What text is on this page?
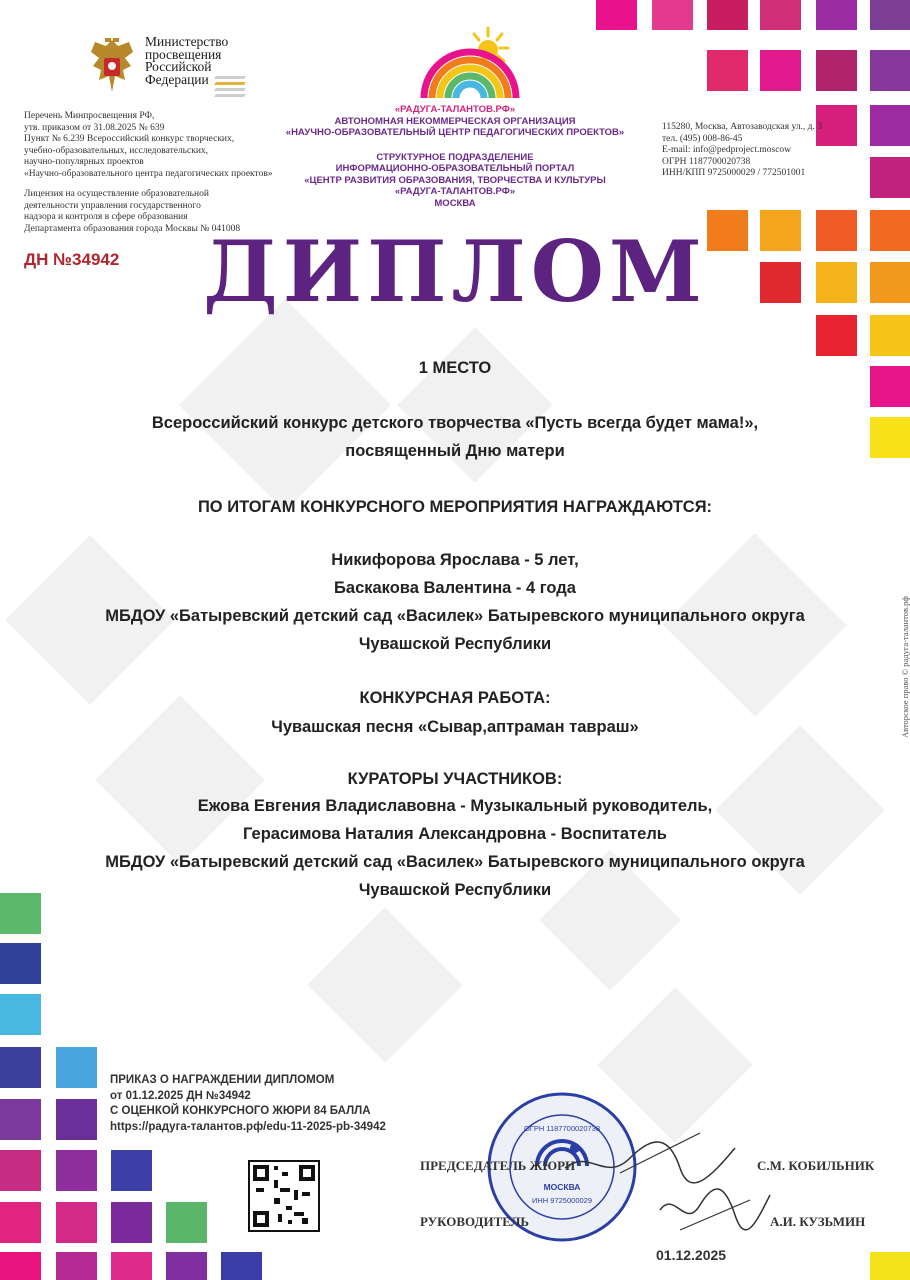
Министерство
просвещения
Российской
Федерации
Перечень Минпросвещения РФ,
утв. приказом от 31.08.2025 № 639
Пункт № 6.239 Всероссийский конкурс творческих,
учебно-образовательных, исследовательских,
научно-популярных проектов
«Научно-образовательного центра педагогических проектов»
Лицензия на осуществление образовательной
деятельности управления государственного
надзора и контроля в сфере образования
Департамента образования города Москвы № 041008
ДН №34942
«РАДУГА-ТАЛАНТОВ.РФ»
АВТОНОМНАЯ НЕКОММЕРЧЕСКАЯ ОРГАНИЗАЦИЯ
«НАУЧНО-ОБРАЗОВАТЕЛЬНЫЙ ЦЕНТР ПЕДАГОГИЧЕСКИХ ПРОЕКТОВ»
СТРУКТУРНОЕ ПОДРАЗДЕЛЕНИЕ
ИНФОРМАЦИОННО-ОБРАЗОВАТЕЛЬНЫЙ ПОРТАЛ
«ЦЕНТР РАЗВИТИЯ ОБРАЗОВАНИЯ, ТВОРЧЕСТВА И КУЛЬТУРЫ
«РАДУГА-ТАЛАНТОВ.РФ»
МОСКВА
115280, Москва, Автозаводская ул., д. 3
тел. (495) 008-86-45
E-mail: info@pedproject.moscow
ОГРН 1187700020738
ИНН/КПП 9725000029 / 772501001
ДИПЛОМ
1 МЕСТО
Всероссийский конкурс детского творчества «Пусть всегда будет мама!»,
посвященный Дню матери
ПО ИТОГАМ КОНКУРСНОГО МЕРОПРИЯТИЯ НАГРАЖДАЮТСЯ:
Никифорова Ярослава - 5 лет,
Баскакова Валентина - 4 года
МБДОУ «Батыревский детский сад «Василек» Батыревского муниципального округа
Чувашской Республики
КОНКУРСНАЯ РАБОТА:
Чувашская песня «Сывар,аптраман тавраш»
КУРАТОРЫ УЧАСТНИКОВ:
Ежова Евгения Владиславовна - Музыкальный руководитель,
Герасимова Наталия Александровна - Воспитатель
МБДОУ «Батыревский детский сад «Василек» Батыревского муниципального округа
Чувашской Республики
ПРИКАЗ О НАГРАЖДЕНИИ ДИПЛОМОМ
от 01.12.2025 ДН №34942
С ОЦЕНКОЙ КОНКУРСНОГО ЖЮРИ 84 БАЛЛА
https://радуга-талантов.рф/edu-11-2025-pb-34942	ОГРН 1187700020738
МОСКВА
ИНН 9725000029
ПРЕДСЕДАТЕЛЬ ЖЮРИ	С.М. КОБИЛЬНИК
РУКОВОДИТЕЛЬ	А.И. КУЗЬМИН
01.12.2025
Авторское право © радуга-талантов.рф
